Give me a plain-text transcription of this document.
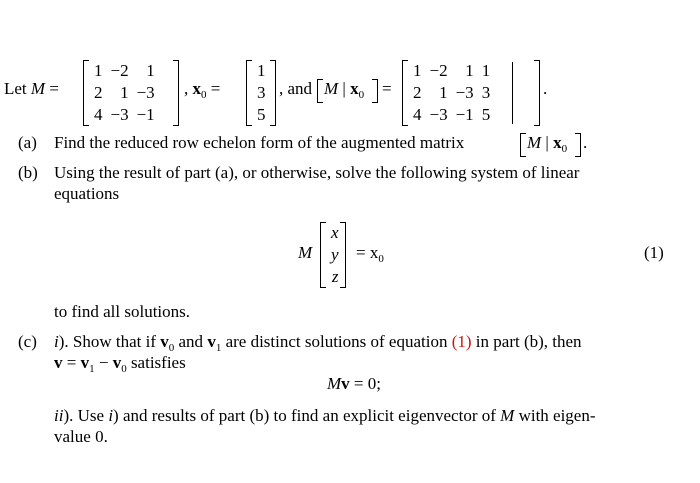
Let M =
1	−2	1
2	1	−3
4	−3	−1
, $x_0$ =
1
3
5
, and M | $x_0$ =
1	−2	1	1
2	1	−3	3
4	−3	−1	5
.
(a) Find the reduced row echelon form of the augmented matrix	M | $x_0$ .
(b) Using the result of part (a), or otherwise, solve the following system of linear
equations
M
x
y
z
= $x_0$	(1)
to find all solutions.
(c) i). Show that if $v_0$ and $v_1$ are distinct solutions of equation (1) in part (b), then
$v = v_1 - v_0$ satisfies
Mv = 0;
ii). Use i) and results of part (b) to find an explicit eigenvector of M with eigen-
value 0.
